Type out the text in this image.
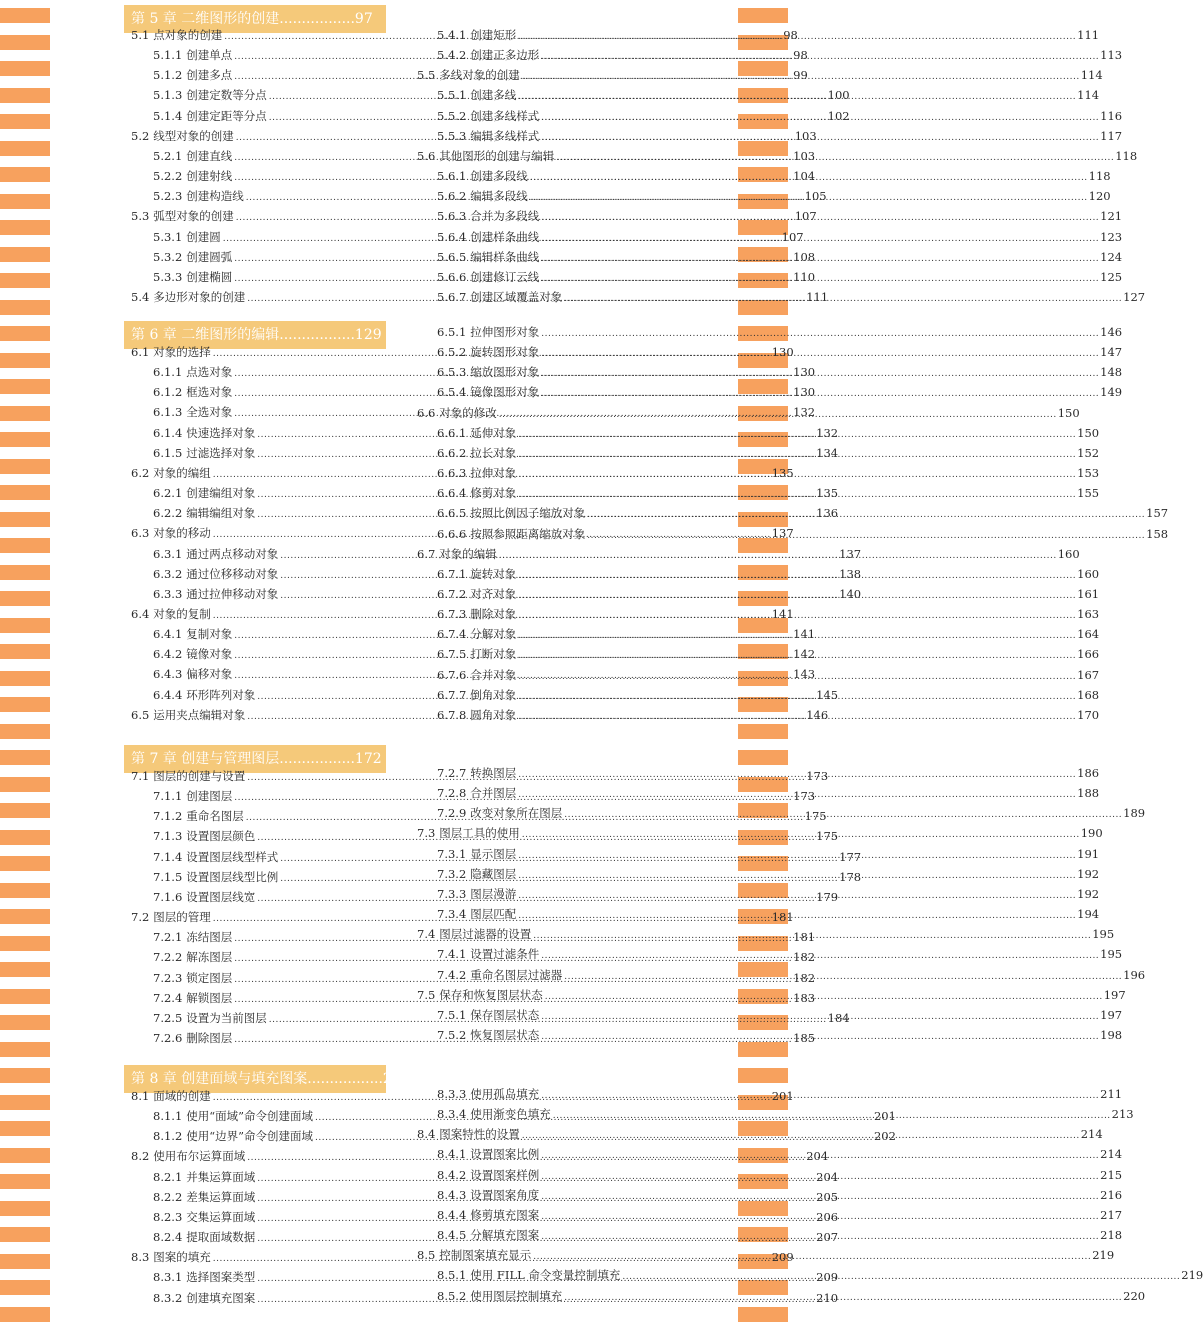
第 5 章 二维图形的创建.................97
5.1 点对象的创建 .....	98
5.1.1 创建单点 .....	98
5.1.2 创建多点 .....	99
5.1.3 创建定数等分点 .....	100
5.1.4 创建定距等分点 .....	102
5.2 线型对象的创建 .....	103
5.2.1 创建直线 .....	103
5.2.2 创建射线 .....	104
5.2.3 创建构造线 .....	105
5.3 弧型对象的创建 .....	107
5.3.1 创建圆 .....	107
5.3.2 创建圆弧 .....	108
5.3.3 创建椭圆 .....	110
5.4 多边形对象的创建 .....	111
5.4.1 创建矩形 .....	111
5.4.2 创建正多边形 .....	113
5.5 多线对象的创建 .....	114
5.5.1 创建多线 .....	114
5.5.2 创建多线样式 .....	116
5.5.3 编辑多线样式 .....	117
5.6 其他图形的创建与编辑 .....	118
5.6.1 创建多段线 .....	118
5.6.2 编辑多段线 .....	120
5.6.3 合并为多段线 .....	121
5.6.4 创建样条曲线 .....	123
5.6.5 编辑样条曲线 .....	124
5.6.6 创建修订云线 .....	125
5.6.7 创建区域覆盖对象 .....	127
第 6 章 二维图形的编辑.................129
6.1 对象的选择 .....	130
6.1.1 点选对象 .....	130
6.1.2 框选对象 .....	130
6.1.3 全选对象 .....	132
6.1.4 快速选择对象 .....	132
6.1.5 过滤选择对象 .....	134
6.2 对象的编组 .....	135
6.2.1 创建编组对象 .....	135
6.2.2 编辑编组对象 .....	136
6.3 对象的移动 .....	137
6.3.1 通过两点移动对象 .....	137
6.3.2 通过位移移动对象 .....	138
6.3.3 通过拉伸移动对象 .....	140
6.4 对象的复制 .....	141
6.4.1 复制对象 .....	141
6.4.2 镜像对象 .....	142
6.4.3 偏移对象 .....	143
6.4.4 环形阵列对象 .....	145
6.5 运用夹点编辑对象 .....	146
6.5.1 拉伸图形对象 .....	146
6.5.2 旋转图形对象 .....	147
6.5.3 缩放图形对象 .....	148
6.5.4 镜像图形对象 .....	149
6.6 对象的修改 .....	150
6.6.1 延伸对象 .....	150
6.6.2 拉长对象 .....	152
6.6.3 拉伸对象 .....	153
6.6.4 修剪对象 .....	155
6.6.5 按照比例因子缩放对象 .....	157
6.6.6 按照参照距离缩放对象 .....	158
6.7 对象的编辑 .....	160
6.7.1 旋转对象 .....	160
6.7.2 对齐对象 .....	161
6.7.3 删除对象 .....	163
6.7.4 分解对象 .....	164
6.7.5 打断对象 .....	166
6.7.6 合并对象 .....	167
6.7.7 倒角对象 .....	168
6.7.8 圆角对象 .....	170
第 7 章 创建与管理图层.................172
7.1 图层的创建与设置 .....	173
7.1.1 创建图层 .....	173
7.1.2 重命名图层 .....	175
7.1.3 设置图层颜色 .....	175
7.1.4 设置图层线型样式 .....	177
7.1.5 设置图层线型比例 .....	178
7.1.6 设置图层线宽 .....	179
7.2 图层的管理 .....	181
7.2.1 冻结图层 .....	181
7.2.2 解冻图层 .....	182
7.2.3 锁定图层 .....	182
7.2.4 解锁图层 .....	183
7.2.5 设置为当前图层 .....	184
7.2.6 删除图层 .....	185
7.2.7 转换图层 .....	186
7.2.8 合并图层 .....	188
7.2.9 改变对象所在图层 .....	189
7.3 图层工具的使用 .....	190
7.3.1 显示图层 .....	191
7.3.2 隐藏图层 .....	192
7.3.3 图层漫游 .....	192
7.3.4 图层匹配 .....	194
7.4 图层过滤器的设置 .....	195
7.4.1 设置过滤条件 .....	195
7.4.2 重命名图层过滤器 .....	196
7.5 保存和恢复图层状态 .....	197
7.5.1 保存图层状态 .....	197
7.5.2 恢复图层状态 .....	198
第 8 章 创建面域与填充图案.................200
8.1 面域的创建 .....	201
8.1.1 使用“面域”命令创建面域 .....	201
8.1.2 使用“边界”命令创建面域 .....	202
8.2 使用布尔运算面域 .....	204
8.2.1 并集运算面域 .....	204
8.2.2 差集运算面域 .....	205
8.2.3 交集运算面域 .....	206
8.2.4 提取面域数据 .....	207
8.3 图案的填充 .....	209
8.3.1 选择图案类型 .....	209
8.3.2 创建填充图案 .....	210
8.3.3 使用孤岛填充 .....	211
8.3.4 使用渐变色填充 .....	213
8.4 图案特性的设置 .....	214
8.4.1 设置图案比例 .....	214
8.4.2 设置图案样例 .....	215
8.4.3 设置图案角度 .....	216
8.4.4 修剪填充图案 .....	217
8.4.5 分解填充图案 .....	218
8.5 控制图案填充显示 .....	219
8.5.1 使用 FILL 命令变量控制填充 .....	219
8.5.2 使用图层控制填充 .....	220
